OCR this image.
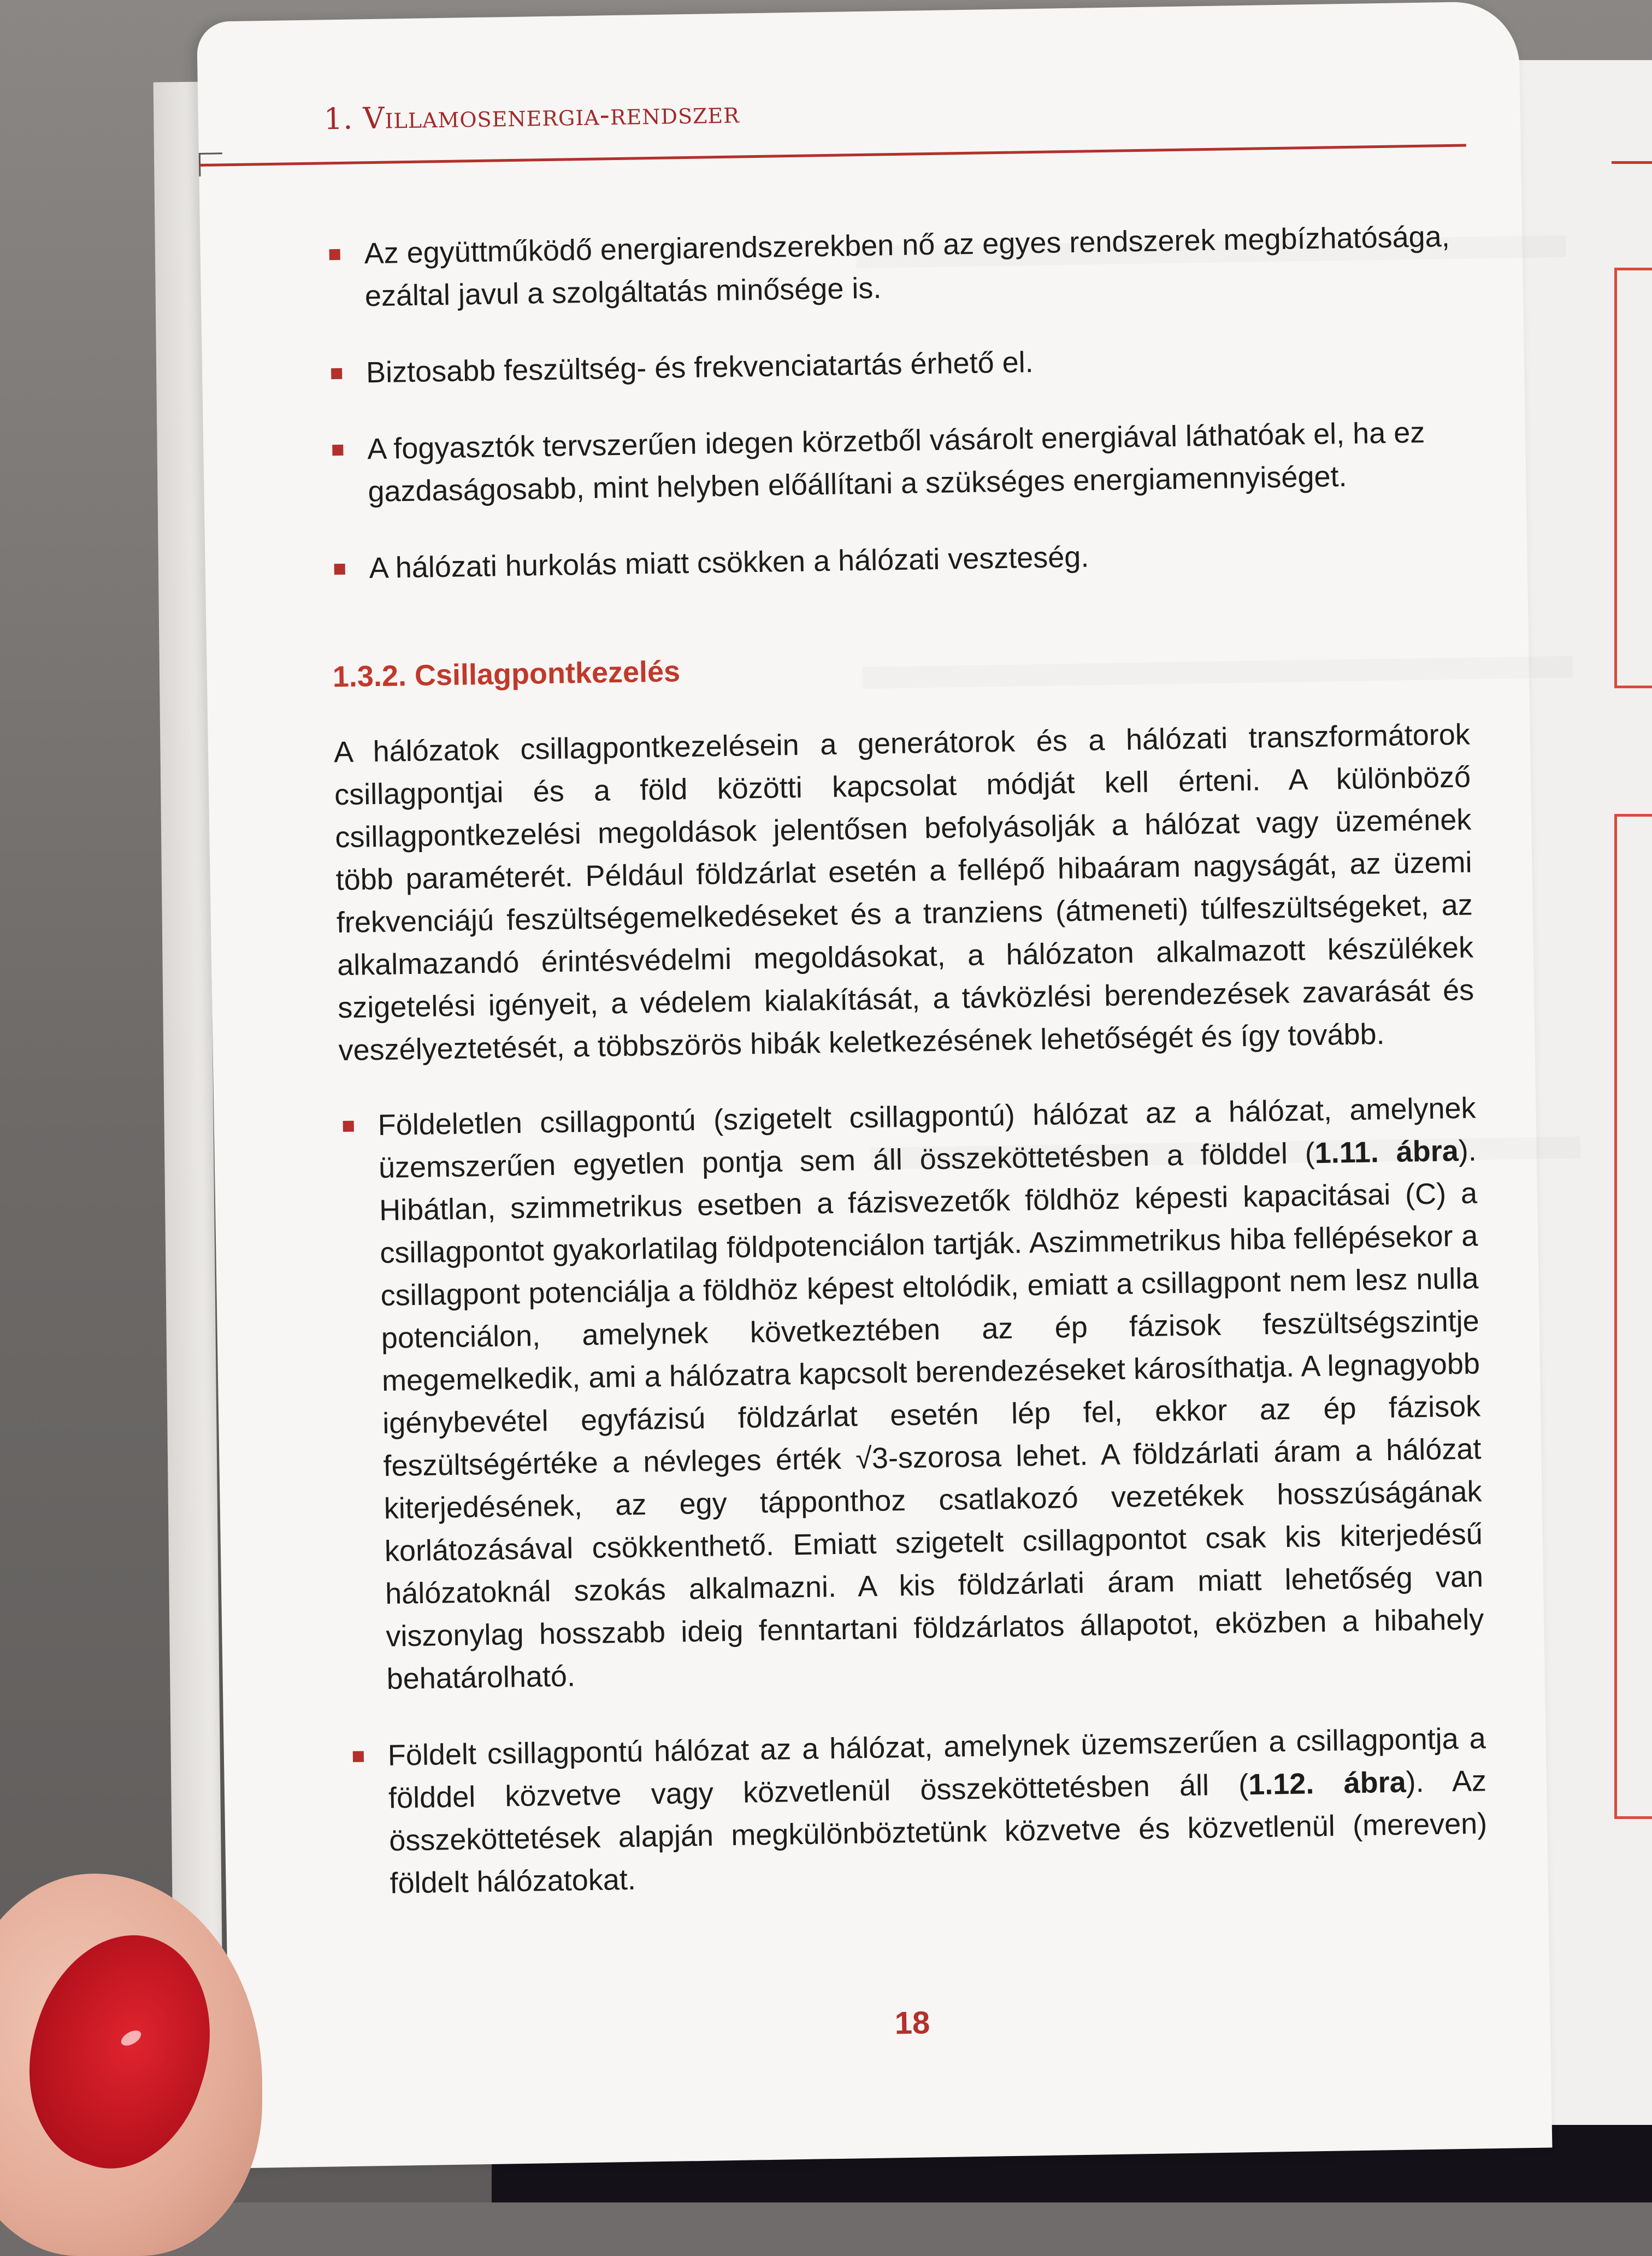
1. Villamosenergia-rendszer
Az együttműködő energiarendszerekben nő az egyes rendszerek megbízhatósága, ezáltal javul a szolgáltatás minősége is.
Biztosabb feszültség- és frekvenciatartás érhető el.
A fogyasztók tervszerűen idegen körzetből vásárolt energiával láthatóak el, ha ez gazdaságosabb, mint helyben előállítani a szükséges energiamennyiséget.
A hálózati hurkolás miatt csökken a hálózati veszteség.
1.3.2. Csillagpontkezelés

A hálózatok csillagpontkezelésein a generátorok és a hálózati transzformátorok csillagpontjai és a föld közötti kapcsolat módját kell érteni. A különböző csillagpontkezelési megoldások jelentősen befolyásolják a hálózat vagy üzemének több paraméterét. Például földzárlat esetén a fellépő hibaáram nagyságát, az üzemi frekvenciájú feszültségemelkedéseket és a tranziens (átmeneti) túlfeszültségeket, az alkalmazandó érintésvédelmi megoldásokat, a hálózaton alkalmazott készülékek szigetelési igényeit, a védelem kialakítását, a távközlési berendezések zavarását és veszélyeztetését, a többszörös hibák keletkezésének lehetőségét és így tovább.

Földeletlen csillagpontú (szigetelt csillagpontú) hálózat az a hálózat, amelynek üzemszerűen egyetlen pontja sem áll összeköttetésben a földdel (1.11. ábra). Hibátlan, szimmetrikus esetben a fázisvezetők földhöz képesti kapacitásai (C) a csillagpontot gyakorlatilag földpotenciálon tartják. Aszimmetrikus hiba fellépésekor a csillagpont potenciálja a földhöz képest eltolódik, emiatt a csillagpont nem lesz nulla potenciálon, amelynek következtében az ép fázisok feszültségszintje megemelkedik, ami a hálózatra kapcsolt berendezéseket károsíthatja. A legnagyobb igénybevétel egyfázisú földzárlat esetén lép fel, ekkor az ép fázisok feszültségértéke a névleges érték √3-szorosa lehet. A földzárlati áram a hálózat kiterjedésének, az egy tápponthoz csatlakozó vezetékek hosszúságának korlátozásával csökkenthető. Emiatt szigetelt csillagpontot csak kis kiterjedésű hálózatoknál szokás alkalmazni. A kis földzárlati áram miatt lehetőség van viszonylag hosszabb ideig fenntartani földzárlatos állapotot, eközben a hibahely behatárolható.
Földelt csillagpontú hálózat az a hálózat, amelynek üzemszerűen a csillagpontja a földdel közvetve vagy közvetlenül összeköttetésben áll (1.12. ábra). Az összeköttetések alapján megkülönböztetünk közvetve és közvetlenül (mereven) földelt hálózatokat.
18
